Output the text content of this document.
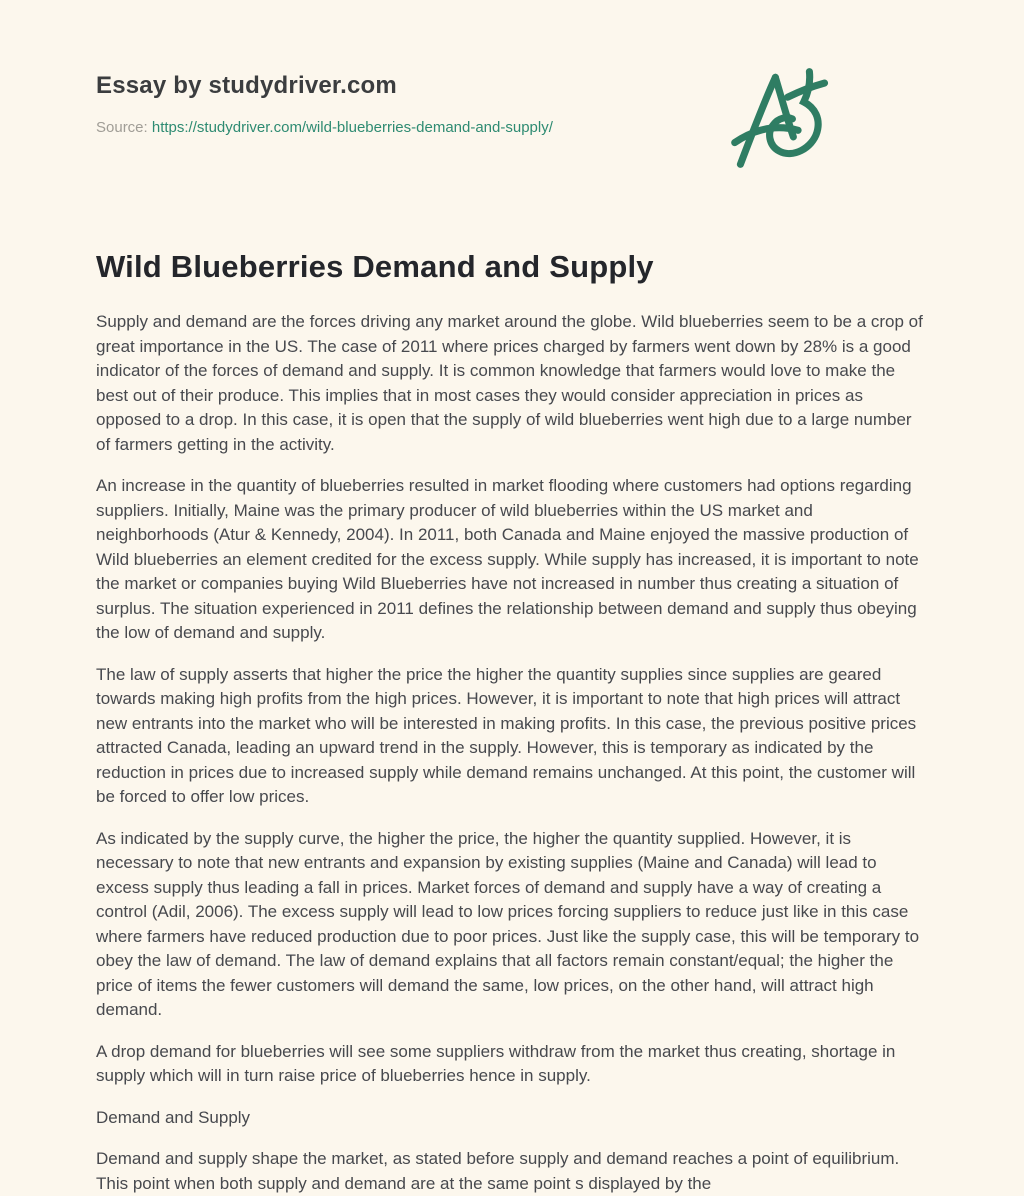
Essay by studydriver.com
Source: https://studydriver.com/wild-blueberries-demand-and-supply/
Wild Blueberries Demand and Supply

Supply and demand are the forces driving any market around the globe. Wild blueberries seem to be a crop of great importance in the US. The case of 2011 where prices charged by farmers went down by 28% is a good indicator of the forces of demand and supply. It is common knowledge that farmers would love to make the best out of their produce. This implies that in most cases they would consider appreciation in prices as opposed to a drop. In this case, it is open that the supply of wild blueberries went high due to a large number of farmers getting in the activity.

An increase in the quantity of blueberries resulted in market flooding where customers had options regarding suppliers. Initially, Maine was the primary producer of wild blueberries within the US market and neighborhoods (Atur & Kennedy, 2004). In 2011, both Canada and Maine enjoyed the massive production of Wild blueberries an element credited for the excess supply. While supply has increased, it is important to note the market or companies buying Wild Blueberries have not increased in number thus creating a situation of surplus. The situation experienced in 2011 defines the relationship between demand and supply thus obeying the low of demand and supply.

The law of supply asserts that higher the price the higher the quantity supplies since supplies are geared towards making high profits from the high prices. However, it is important to note that high prices will attract new entrants into the market who will be interested in making profits. In this case, the previous positive prices attracted Canada, leading an upward trend in the supply. However, this is temporary as indicated by the reduction in prices due to increased supply while demand remains unchanged. At this point, the customer will be forced to offer low prices.

As indicated by the supply curve, the higher the price, the higher the quantity supplied. However, it is necessary to note that new entrants and expansion by existing supplies (Maine and Canada) will lead to excess supply thus leading a fall in prices. Market forces of demand and supply have a way of creating a control (Adil, 2006). The excess supply will lead to low prices forcing suppliers to reduce just like in this case where farmers have reduced production due to poor prices. Just like the supply case, this will be temporary to obey the law of demand. The law of demand explains that all factors remain constant/equal; the higher the price of items the fewer customers will demand the same, low prices, on the other hand, will attract high demand.

A drop demand for blueberries will see some suppliers withdraw from the market thus creating, shortage in supply which will in turn raise price of blueberries hence in supply.

Demand and Supply

Demand and supply shape the market, as stated before supply and demand reaches a point of equilibrium. This point when both supply and demand are at the same point s displayed by the
